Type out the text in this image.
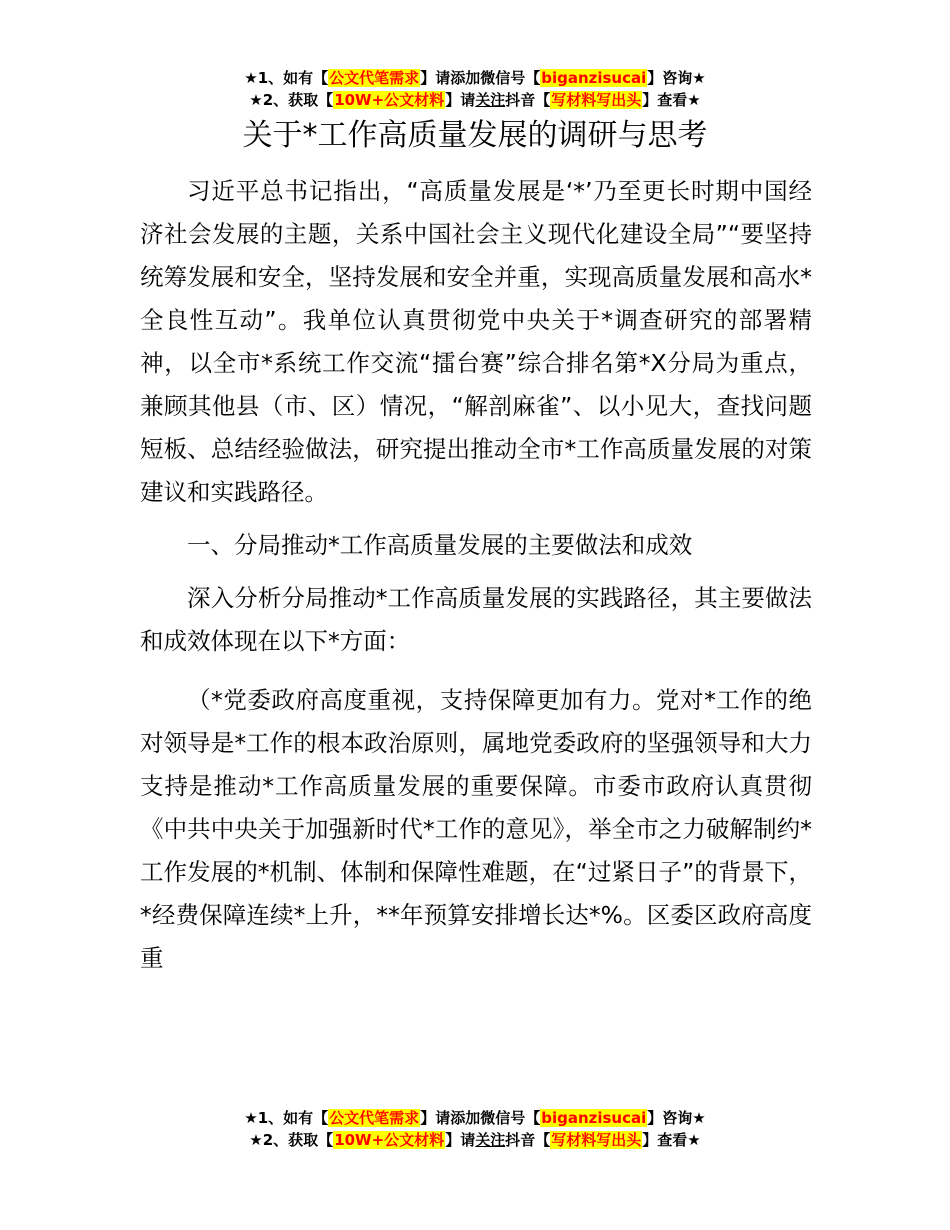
★1、如有【公文代笔需求】请添加微信号【biganzisucai】咨询★
★2、获取【10W+公文材料】请关注抖音【写材料写出头】查看★
关于*工作高质量发展的调研与思考

习近平总书记指出，“高质量发展是‘*’乃至更长时期中国经济社会发展的主题，关系中国社会主义现代化建设全局”“要坚持统筹发展和安全，坚持发展和安全并重，实现高质量发展和高水*全良性互动”。我单位认真贯彻党中央关于*调查研究的部署精神，以全市*系统工作交流“擂台赛”综合排名第*X分局为重点，兼顾其他县（市、区）情况，“解剖麻雀”、以小见大，查找问题短板、总结经验做法，研究提出推动全市*工作高质量发展的对策建议和实践路径。

一、分局推动*工作高质量发展的主要做法和成效

深入分析分局推动*工作高质量发展的实践路径，其主要做法和成效体现在以下*方面：

（*党委政府高度重视，支持保障更加有力。党对*工作的绝对领导是*工作的根本政治原则，属地党委政府的坚强领导和大力支持是推动*工作高质量发展的重要保障。市委市政府认真贯彻《中共中央关于加强新时代*工作的意见》，举全市之力破解制约*工作发展的*机制、体制和保障性难题，在“过紧日子”的背景下，*经费保障连续*上升，**年预算安排增长达*%。区委区政府高度重

★1、如有【公文代笔需求】请添加微信号【biganzisucai】咨询★
★2、获取【10W+公文材料】请关注抖音【写材料写出头】查看★
